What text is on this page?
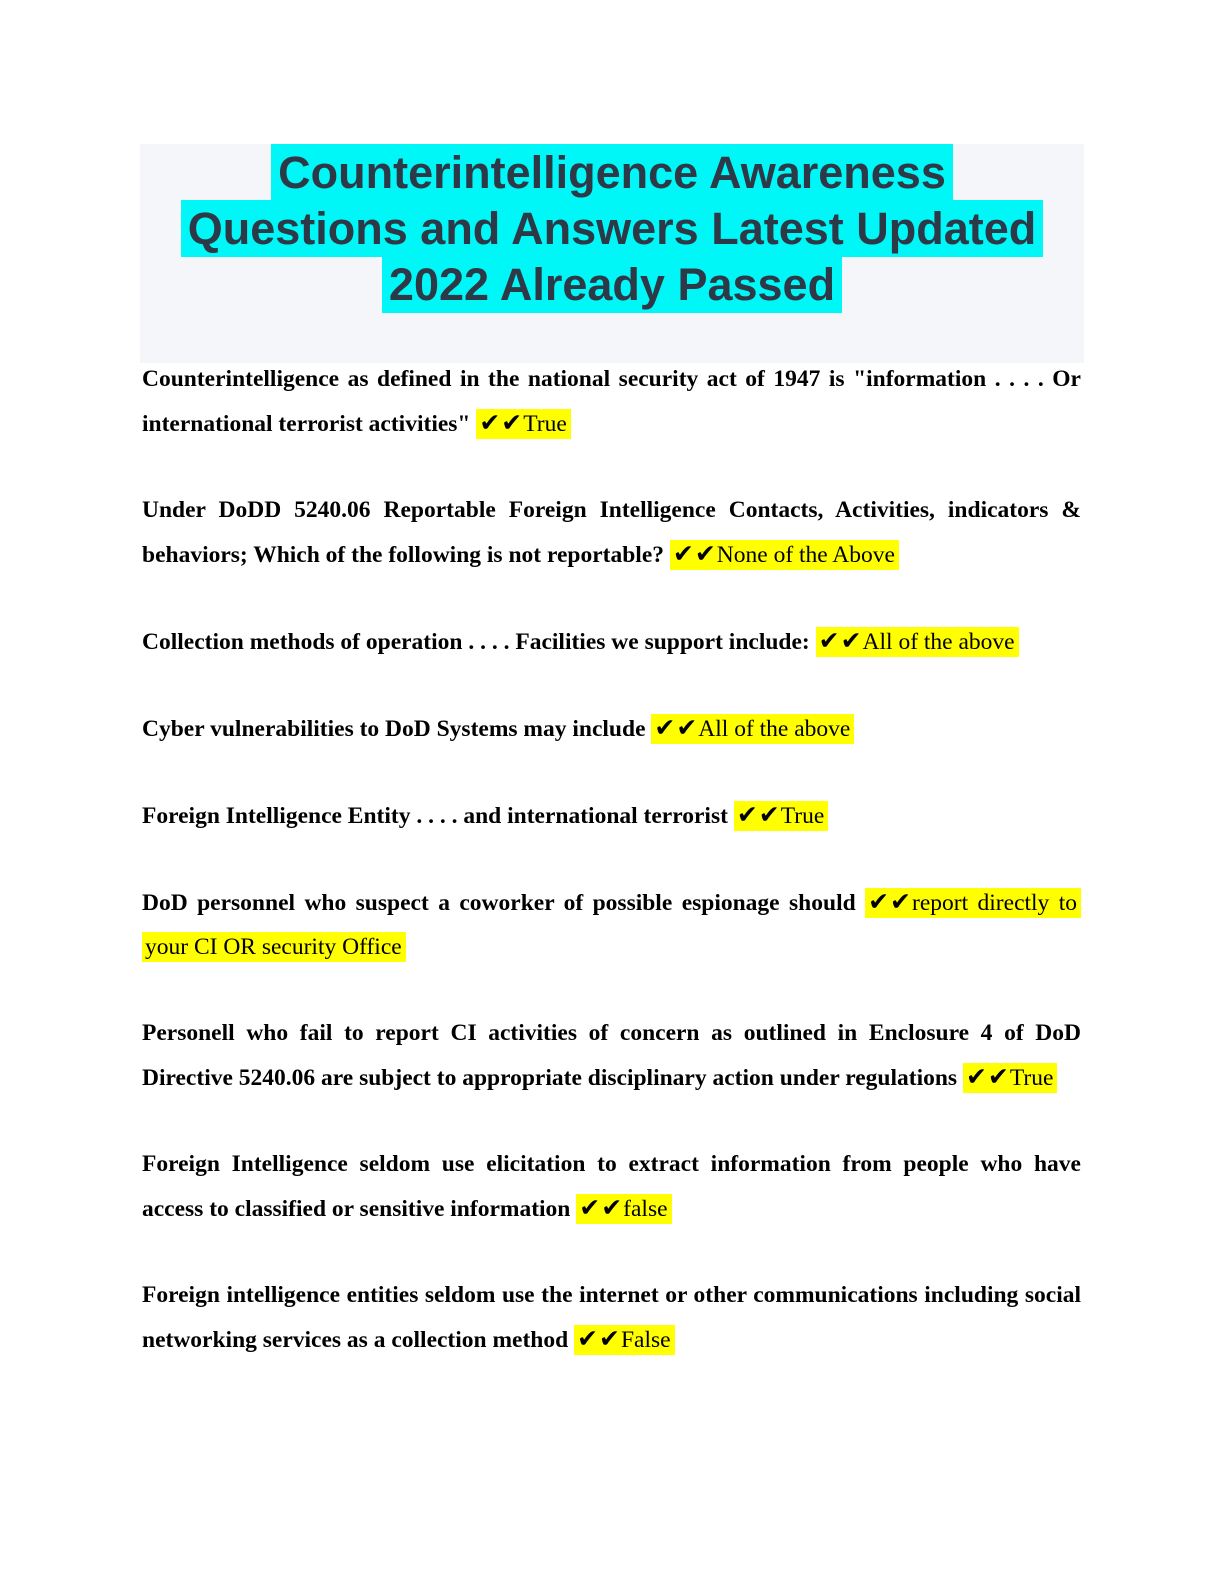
Counterintelligence Awareness
Questions and Answers Latest Updated
2022 Already Passed

Counterintelligence as defined in the national security act of 1947 is "information . . . . Or international terrorist activities" ✔✔True

Under DoDD 5240.06 Reportable Foreign Intelligence Contacts, Activities, indicators & behaviors; Which of the following is not reportable? ✔✔None of the Above

Collection methods of operation . . . . Facilities we support include: ✔✔All of the above

Cyber vulnerabilities to DoD Systems may include ✔✔All of the above

Foreign Intelligence Entity . . . . and international terrorist ✔✔True

DoD personnel who suspect a coworker of possible espionage should ✔✔report directly to your CI OR security Office

Personell who fail to report CI activities of concern as outlined in Enclosure 4 of DoD Directive 5240.06 are subject to appropriate disciplinary action under regulations ✔✔True

Foreign Intelligence seldom use elicitation to extract information from people who have access to classified or sensitive information ✔✔false

Foreign intelligence entities seldom use the internet or other communications including social networking services as a collection method ✔✔False
